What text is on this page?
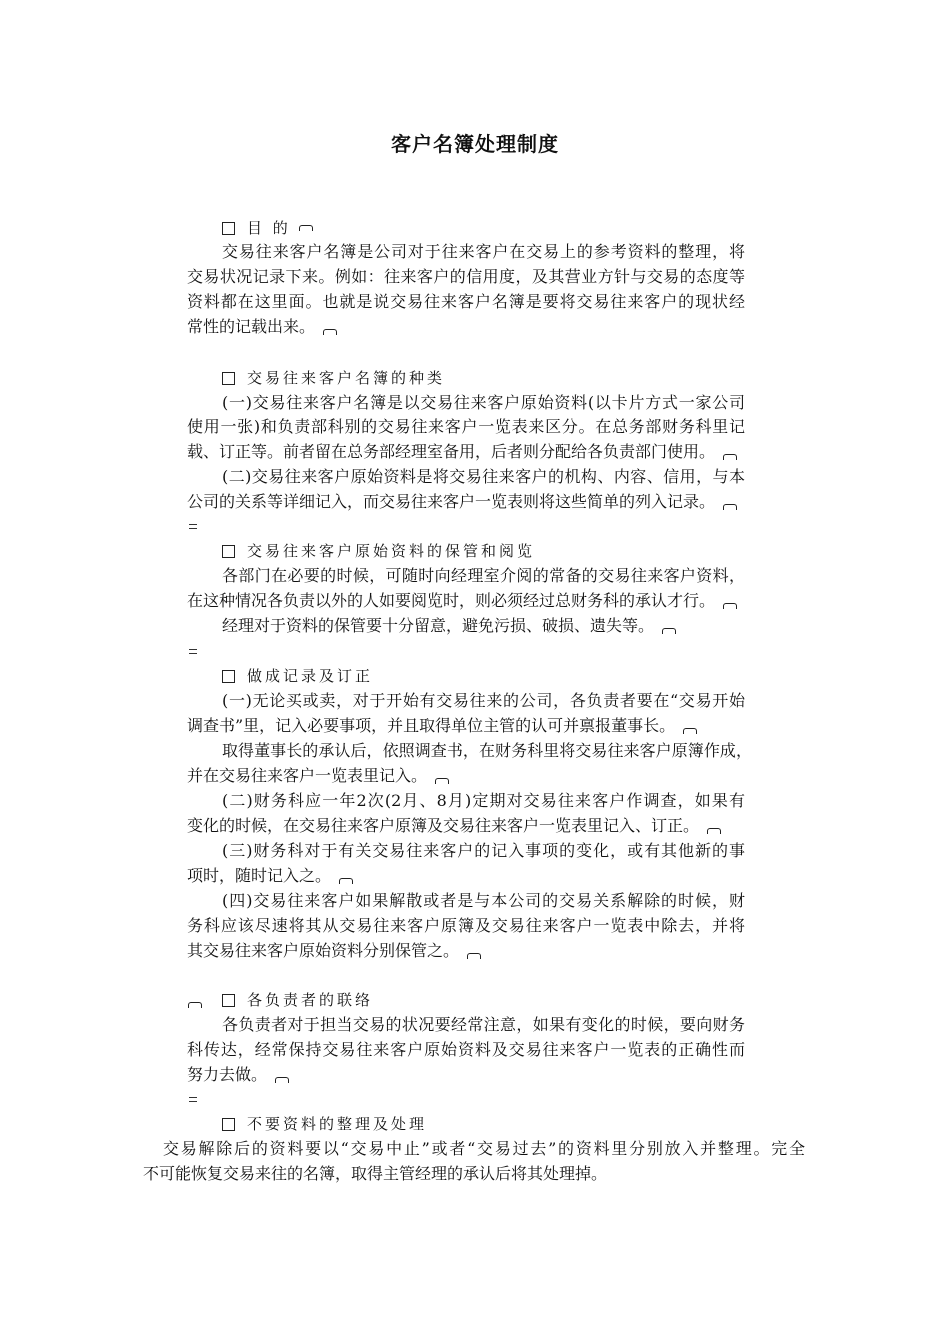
客户名簿处理制度
目 的
交易往来客户名簿是公司对于往来客户在交易上的参考资料的整理，将
交易状况记录下来。例如：往来客户的信用度，及其营业方针与交易的态度等
资料都在这里面。也就是说交易往来客户名簿是要将交易往来客户的现状经
常性的记载出来。
交易往来客户名簿的种类
(一)交易往来客户名簿是以交易往来客户原始资料(以卡片方式一家公司
使用一张)和负责部科别的交易往来客户一览表来区分。在总务部财务科里记
载、订正等。前者留在总务部经理室备用，后者则分配给各负责部门使用。
(二)交易往来客户原始资料是将交易往来客户的机构、内容、信用，与本
公司的关系等详细记入，而交易往来客户一览表则将这些简单的列入记录。
交易往来客户原始资料的保管和阅览
各部门在必要的时候，可随时向经理室介阅的常备的交易往来客户资料，
在这种情况各负责以外的人如要阅览时，则必须经过总财务科的承认才行。
经理对于资料的保管要十分留意，避免污损、破损、遗失等。
做成记录及订正
(一)无论买或卖，对于开始有交易往来的公司，各负责者要在“交易开始
调查书”里，记入必要事项，并且取得单位主管的认可并禀报董事长。
取得董事长的承认后，依照调查书，在财务科里将交易往来客户原簿作成，
并在交易往来客户一览表里记入。
(二)财务科应一年2次(2月、8月)定期对交易往来客户作调查，如果有
变化的时候，在交易往来客户原簿及交易往来客户一览表里记入、订正。
(三)财务科对于有关交易往来客户的记入事项的变化，或有其他新的事
项时，随时记入之。
(四)交易往来客户如果解散或者是与本公司的交易关系解除的时候，财
务科应该尽速将其从交易往来客户原簿及交易往来客户一览表中除去，并将
其交易往来客户原始资料分别保管之。
各负责者的联络
各负责者对于担当交易的状况要经常注意，如果有变化的时候，要向财务
科传达，经常保持交易往来客户原始资料及交易往来客户一览表的正确性而
努力去做。
不要资料的整理及处理
交易解除后的资料要以“交易中止”或者“交易过去”的资料里分别放入并整理。完全
不可能恢复交易来往的名簿，取得主管经理的承认后将其处理掉。
